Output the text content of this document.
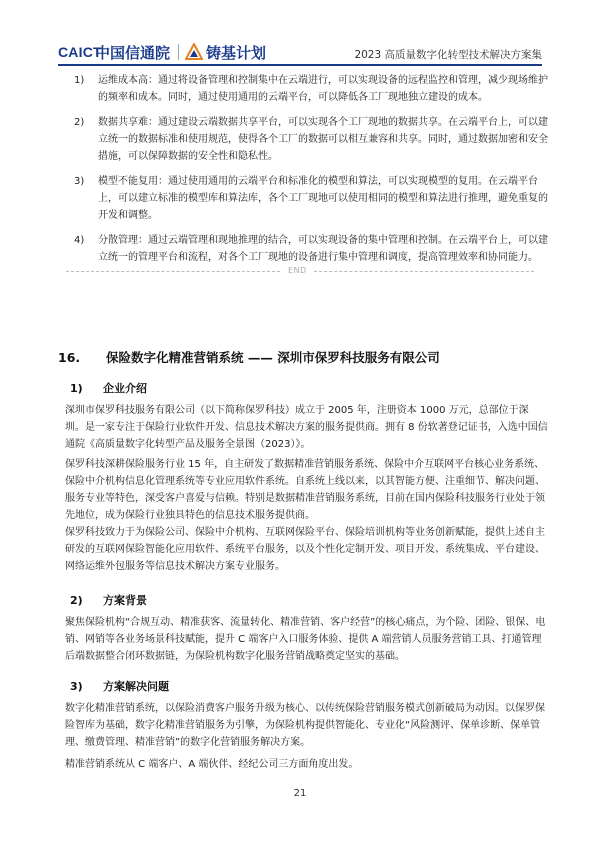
CAICT
中国信通院 铸基计划	2023 高质量数字化转型技术解决方案集
1) 运维成本高：通过将设备管理和控制集中在云端进行，可以实现设备的远程监控和管理，减少现场维护的频率和成本。同时，通过使用通用的云端平台，可以降低各工厂现地独立建设的成本。
2) 数据共享难：通过建设云端数据共享平台，可以实现各个工厂现地的数据共享。在云端平台上，可以建立统一的数据标准和使用规范，使得各个工厂的数据可以相互兼容和共享。同时，通过数据加密和安全措施，可以保障数据的安全性和隐私性。
3) 模型不能复用：通过使用通用的云端平台和标准化的模型和算法，可以实现模型的复用。在云端平台上，可以建立标准的模型库和算法库，各个工厂现地可以使用相同的模型和算法进行推理，避免重复的开发和调整。
4) 分散管理：通过云端管理和现地推理的结合，可以实现设备的集中管理和控制。在云端平台上，可以建立统一的管理平台和流程，对各个工厂现地的设备进行集中管理和调度，提高管理效率和协同能力。
END
16. 保险数字化精准营销系统 —— 深圳市保罗科技服务有限公司
1) 企业介绍

深圳市保罗科技服务有限公司（以下简称保罗科技）成立于 2005 年，注册资本 1000 万元，总部位于深圳。是一家专注于保险行业软件开发、信息技术解决方案的服务提供商。拥有 8 份软著登记证书，入选中国信通院《高质量数字化转型产品及服务全景图（2023）》。

保罗科技深耕保险服务行业 15 年，自主研发了数据精准营销服务系统、保险中介互联网平台核心业务系统、保险中介机构信息化管理系统等专业应用软件系统。自系统上线以来，以其智能方便、注重细节、解决问题、服务专业等特色，深受客户喜爱与信赖。特别是数据精准营销服务系统，目前在国内保险科技服务行业处于领先地位，成为保险行业独具特色的信息技术服务提供商。

保罗科技致力于为保险公司、保险中介机构、互联网保险平台、保险培训机构等业务创新赋能，提供上述自主研发的互联网保险智能化应用软件、系统平台服务，以及个性化定制开发、项目开发、系统集成、平台建设、网络运维外包服务等信息技术解决方案专业服务。

2) 方案背景

聚焦保险机构“合规互动、精准获客、流量转化、精准营销、客户经营”的核心痛点，为个险、团险、银保、电销、网销等各业务场景科技赋能，提升 C 端客户入口服务体验、提供 A 端营销人员服务营销工具、打通管理后端数据整合闭环数据链，为保险机构数字化服务营销战略奠定坚实的基础。

3) 方案解决问题

数字化精准营销系统，以保险消费客户服务升级为核心、以传统保险营销服务模式创新破局为动因。以保罗保险智库为基础，数字化精准营销服务为引擎，为保险机构提供智能化、专业化“风险测评、保单诊断、保单管理、缴费管理、精准营销”的数字化营销服务解决方案。

精准营销系统从 C 端客户、A 端伙伴、经纪公司三方面角度出发。

21
